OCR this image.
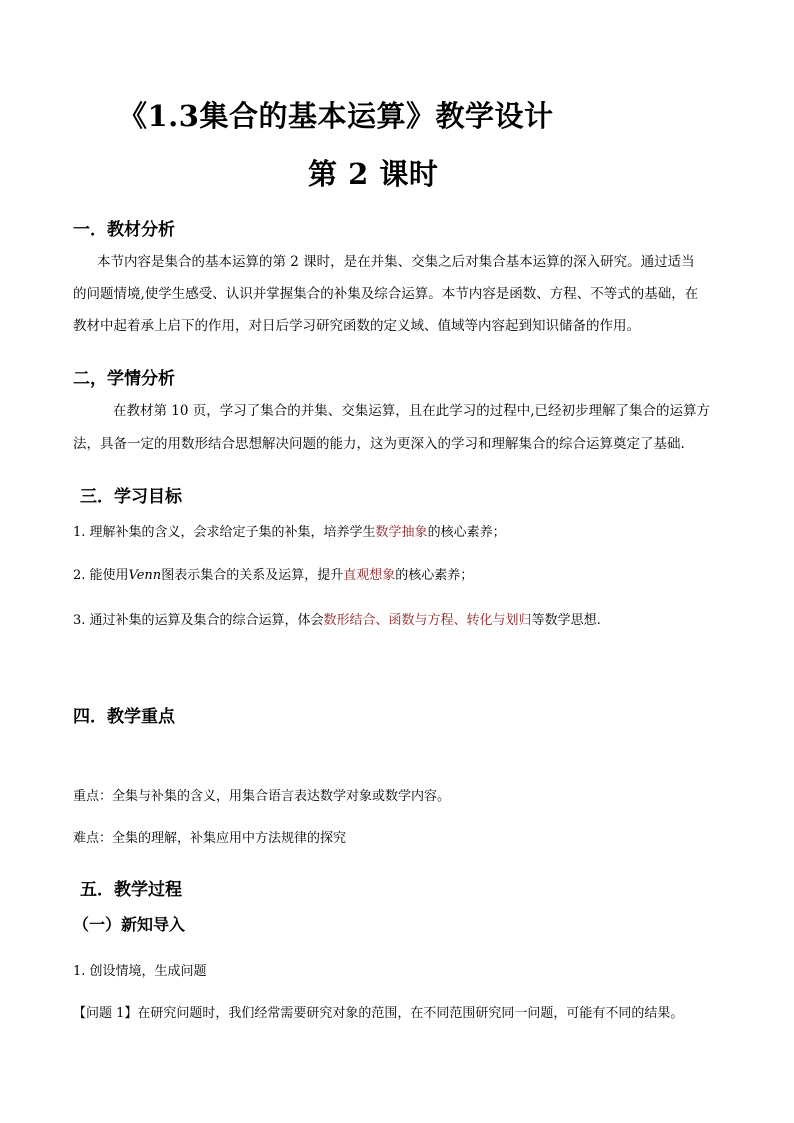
《1.3集合的基本运算》教学设计
第 2 课时
一．教材分析
本节内容是集合的基本运算的第 2 课时，是在并集、交集之后对集合基本运算的深入研究。通过适当
的问题情境,使学生感受、认识并掌握集合的补集及综合运算。本节内容是函数、方程、不等式的基础，在
教材中起着承上启下的作用，对日后学习研究函数的定义域、值域等内容起到知识储备的作用。
二，学情分析
在教材第 10 页，学习了集合的并集、交集运算，且在此学习的过程中,已经初步理解了集合的运算方
法，具备一定的用数形结合思想解决问题的能力，这为更深入的学习和理解集合的综合运算奠定了基础.
三．学习目标
1. 理解补集的含义，会求给定子集的补集，培养学生数学抽象的核心素养；
2. 能使用Venn图表示集合的关系及运算，提升直观想象的核心素养；
3. 通过补集的运算及集合的综合运算，体会数形结合、函数与方程、转化与划归等数学思想.
四．教学重点
重点：全集与补集的含义，用集合语言表达数学对象或数学内容。
难点：全集的理解，补集应用中方法规律的探究
五．教学过程
（一）新知导入
1. 创设情境，生成问题
【问题 1】在研究问题时，我们经常需要研究对象的范围，在不同范围研究同一问题，可能有不同的结果。
